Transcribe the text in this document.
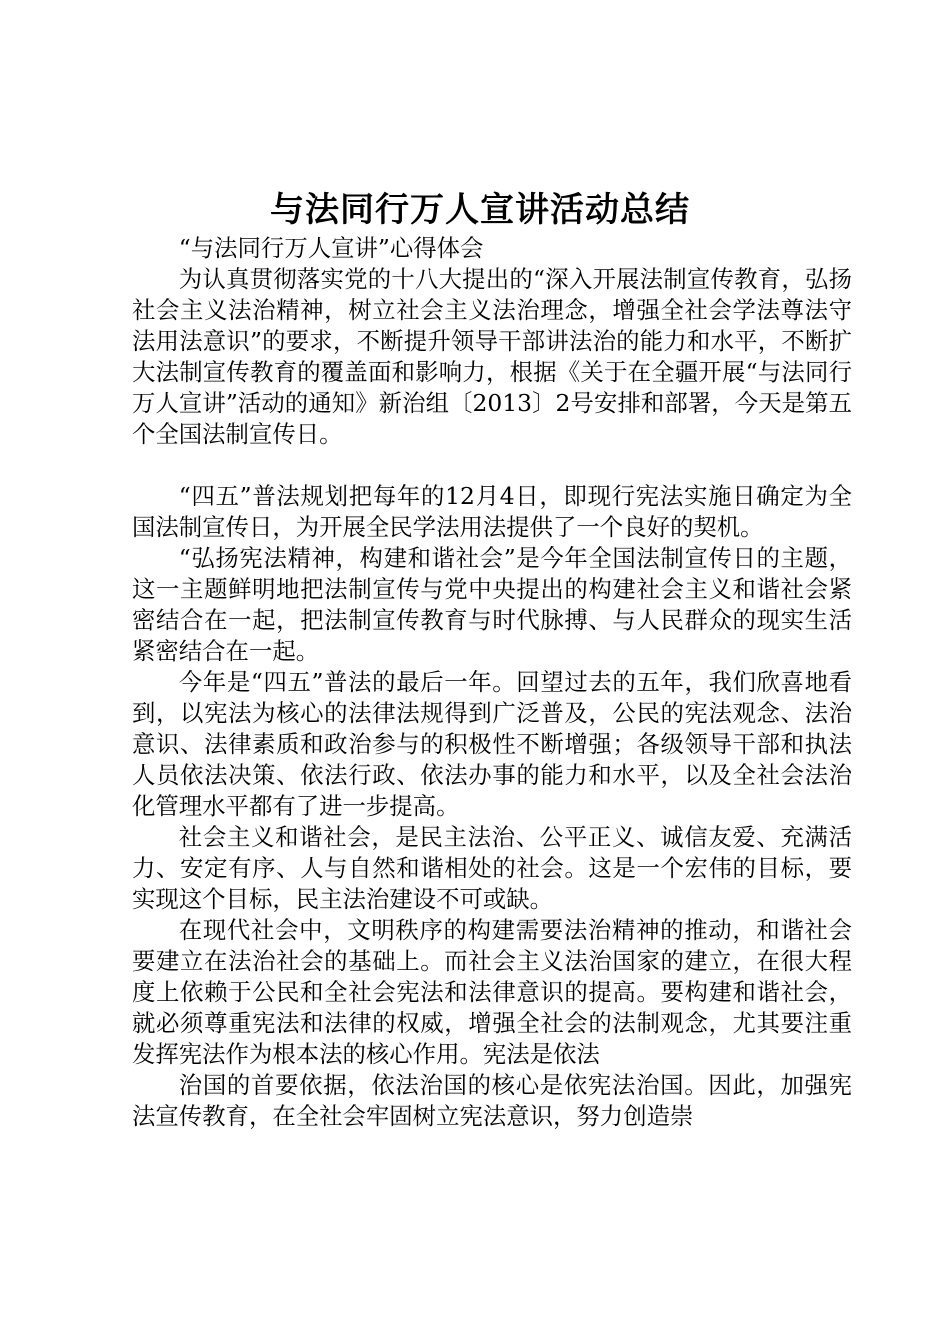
与法同行万人宣讲活动总结

“与法同行万人宣讲”心得体会

为认真贯彻落实党的十八大提出的“深入开展法制宣传教育，弘扬社会主义法治精神，树立社会主义法治理念，增强全社会学法尊法守法用法意识”的要求，不断提升领导干部讲法治的能力和水平，不断扩大法制宣传教育的覆盖面和影响力，根据《关于在全疆开展“与法同行万人宣讲”活动的通知》新治组〔2013〕2号安排和部署，今天是第五个全国法制宣传日。

“四五”普法规划把每年的12月4日，即现行宪法实施日确定为全国法制宣传日，为开展全民学法用法提供了一个良好的契机。

“弘扬宪法精神，构建和谐社会”是今年全国法制宣传日的主题，这一主题鲜明地把法制宣传与党中央提出的构建社会主义和谐社会紧密结合在一起，把法制宣传教育与时代脉搏、与人民群众的现实生活紧密结合在一起。

今年是“四五”普法的最后一年。回望过去的五年，我们欣喜地看到，以宪法为核心的法律法规得到广泛普及，公民的宪法观念、法治意识、法律素质和政治参与的积极性不断增强；各级领导干部和执法人员依法决策、依法行政、依法办事的能力和水平，以及全社会法治化管理水平都有了进一步提高。

社会主义和谐社会，是民主法治、公平正义、诚信友爱、充满活力、安定有序、人与自然和谐相处的社会。这是一个宏伟的目标，要实现这个目标，民主法治建设不可或缺。

在现代社会中，文明秩序的构建需要法治精神的推动，和谐社会要建立在法治社会的基础上。而社会主义法治国家的建立，在很大程度上依赖于公民和全社会宪法和法律意识的提高。要构建和谐社会，就必须尊重宪法和法律的权威，增强全社会的法制观念，尤其要注重发挥宪法作为根本法的核心作用。宪法是依法

治国的首要依据，依法治国的核心是依宪法治国。因此，加强宪法宣传教育，在全社会牢固树立宪法意识，努力创造崇
